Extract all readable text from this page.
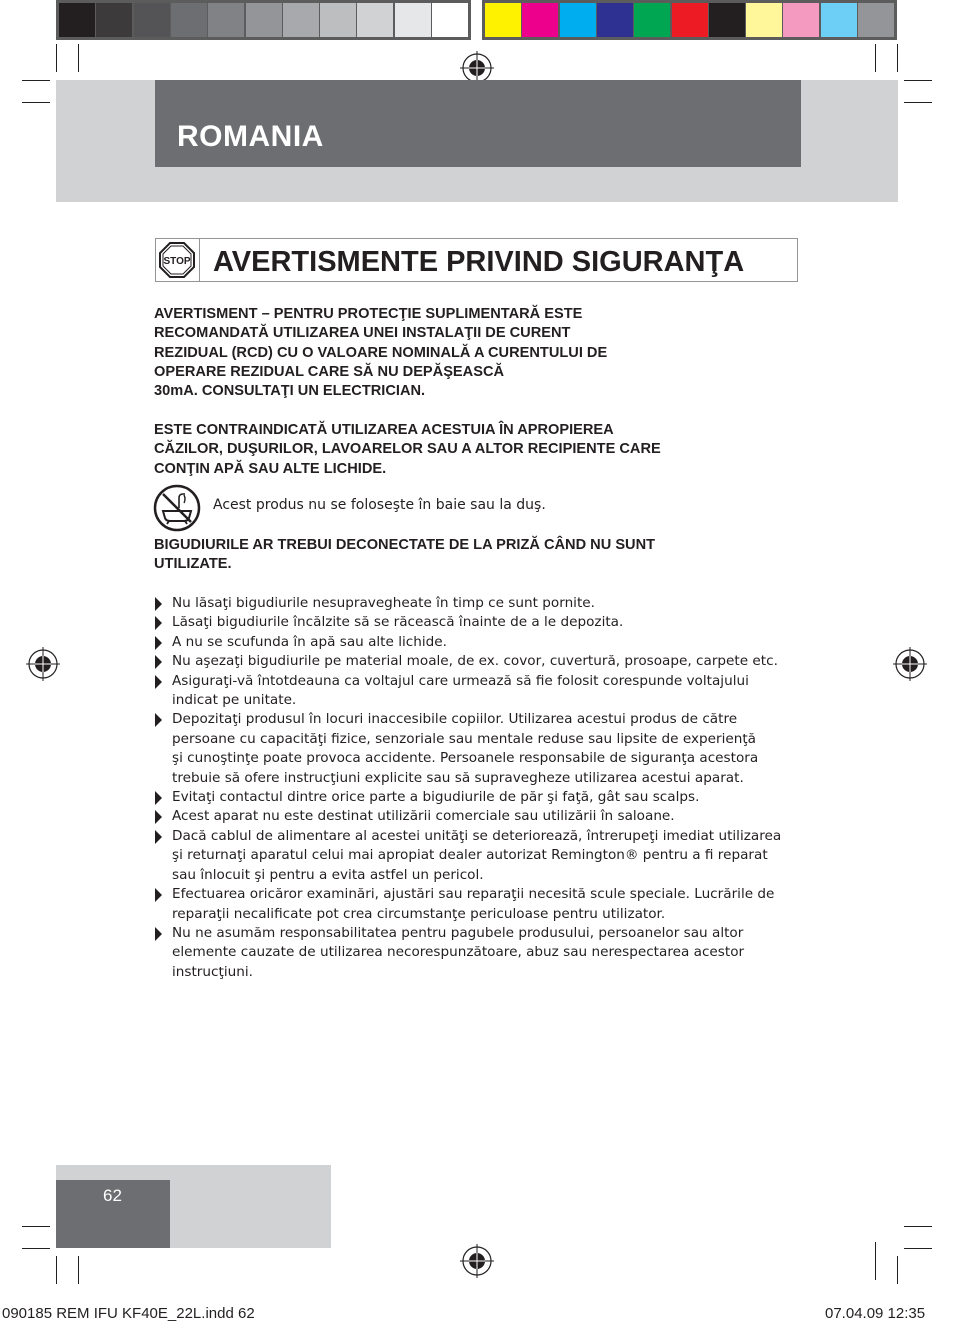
ROMANIA
STOP AVERTISMENTE PRIVIND SIGURANŢA
AVERTISMENT – PENTRU PROTECŢIE SUPLIMENTARĂ ESTE
RECOMANDATĂ UTILIZAREA UNEI INSTALAŢII DE CURENT
REZIDUAL (RCD) CU O VALOARE NOMINALĂ A CURENTULUI DE
OPERARE REZIDUAL CARE SĂ NU DEPĂŞEASCĂ
30mA. CONSULTAŢI UN ELECTRICIAN.
ESTE CONTRAINDICATĂ UTILIZAREA ACESTUIA ÎN APROPIEREA
CĂZILOR, DUŞURILOR, LAVOARELOR SAU A ALTOR RECIPIENTE CARE
CONŢIN APĂ SAU ALTE LICHIDE.
Acest produs nu se foloseşte în baie sau la duş.
BIGUDIURILE AR TREBUI DECONECTATE DE LA PRIZĂ CÂND NU SUNT
UTILIZATE.
Nu lăsaţi bigudiurile nesupravegheate în timp ce sunt pornite.
Lăsaţi bigudiurile încălzite să se răcească înainte de a le depozita.
A nu se scufunda în apă sau alte lichide.
Nu aşezaţi bigudiurile pe material moale, de ex. covor, cuvertură, prosoape, carpete etc.
Asiguraţi-vă întotdeauna ca voltajul care urmează să fie folosit corespunde voltajului
indicat pe unitate.
Depozitaţi produsul în locuri inaccesibile copiilor. Utilizarea acestui produs de către
persoane cu capacităţi fizice, senzoriale sau mentale reduse sau lipsite de experienţă
şi cunoştinţe poate provoca accidente. Persoanele responsabile de siguranţa acestora
trebuie să ofere instrucţiuni explicite sau să supravegheze utilizarea acestui aparat.
Evitaţi contactul dintre orice parte a bigudiurile de păr şi faţă, gât sau scalps.
Acest aparat nu este destinat utilizării comerciale sau utilizării în saloane.
Dacă cablul de alimentare al acestei unităţi se deteriorează, întrerupeţi imediat utilizarea
şi returnaţi aparatul celui mai apropiat dealer autorizat Remington® pentru a fi reparat
sau înlocuit şi pentru a evita astfel un pericol.
Efectuarea oricăror examinări, ajustări sau reparaţii necesită scule speciale. Lucrările de
reparaţii necalificate pot crea circumstanţe periculoase pentru utilizator.
Nu ne asumăm responsabilitatea pentru pagubele produsului, persoanelor sau altor
elemente cauzate de utilizarea necorespunzătoare, abuz sau nerespectarea acestor
instrucţiuni.
62
090185 REM IFU KF40E_22L.indd 62	07.04.09 12:35
